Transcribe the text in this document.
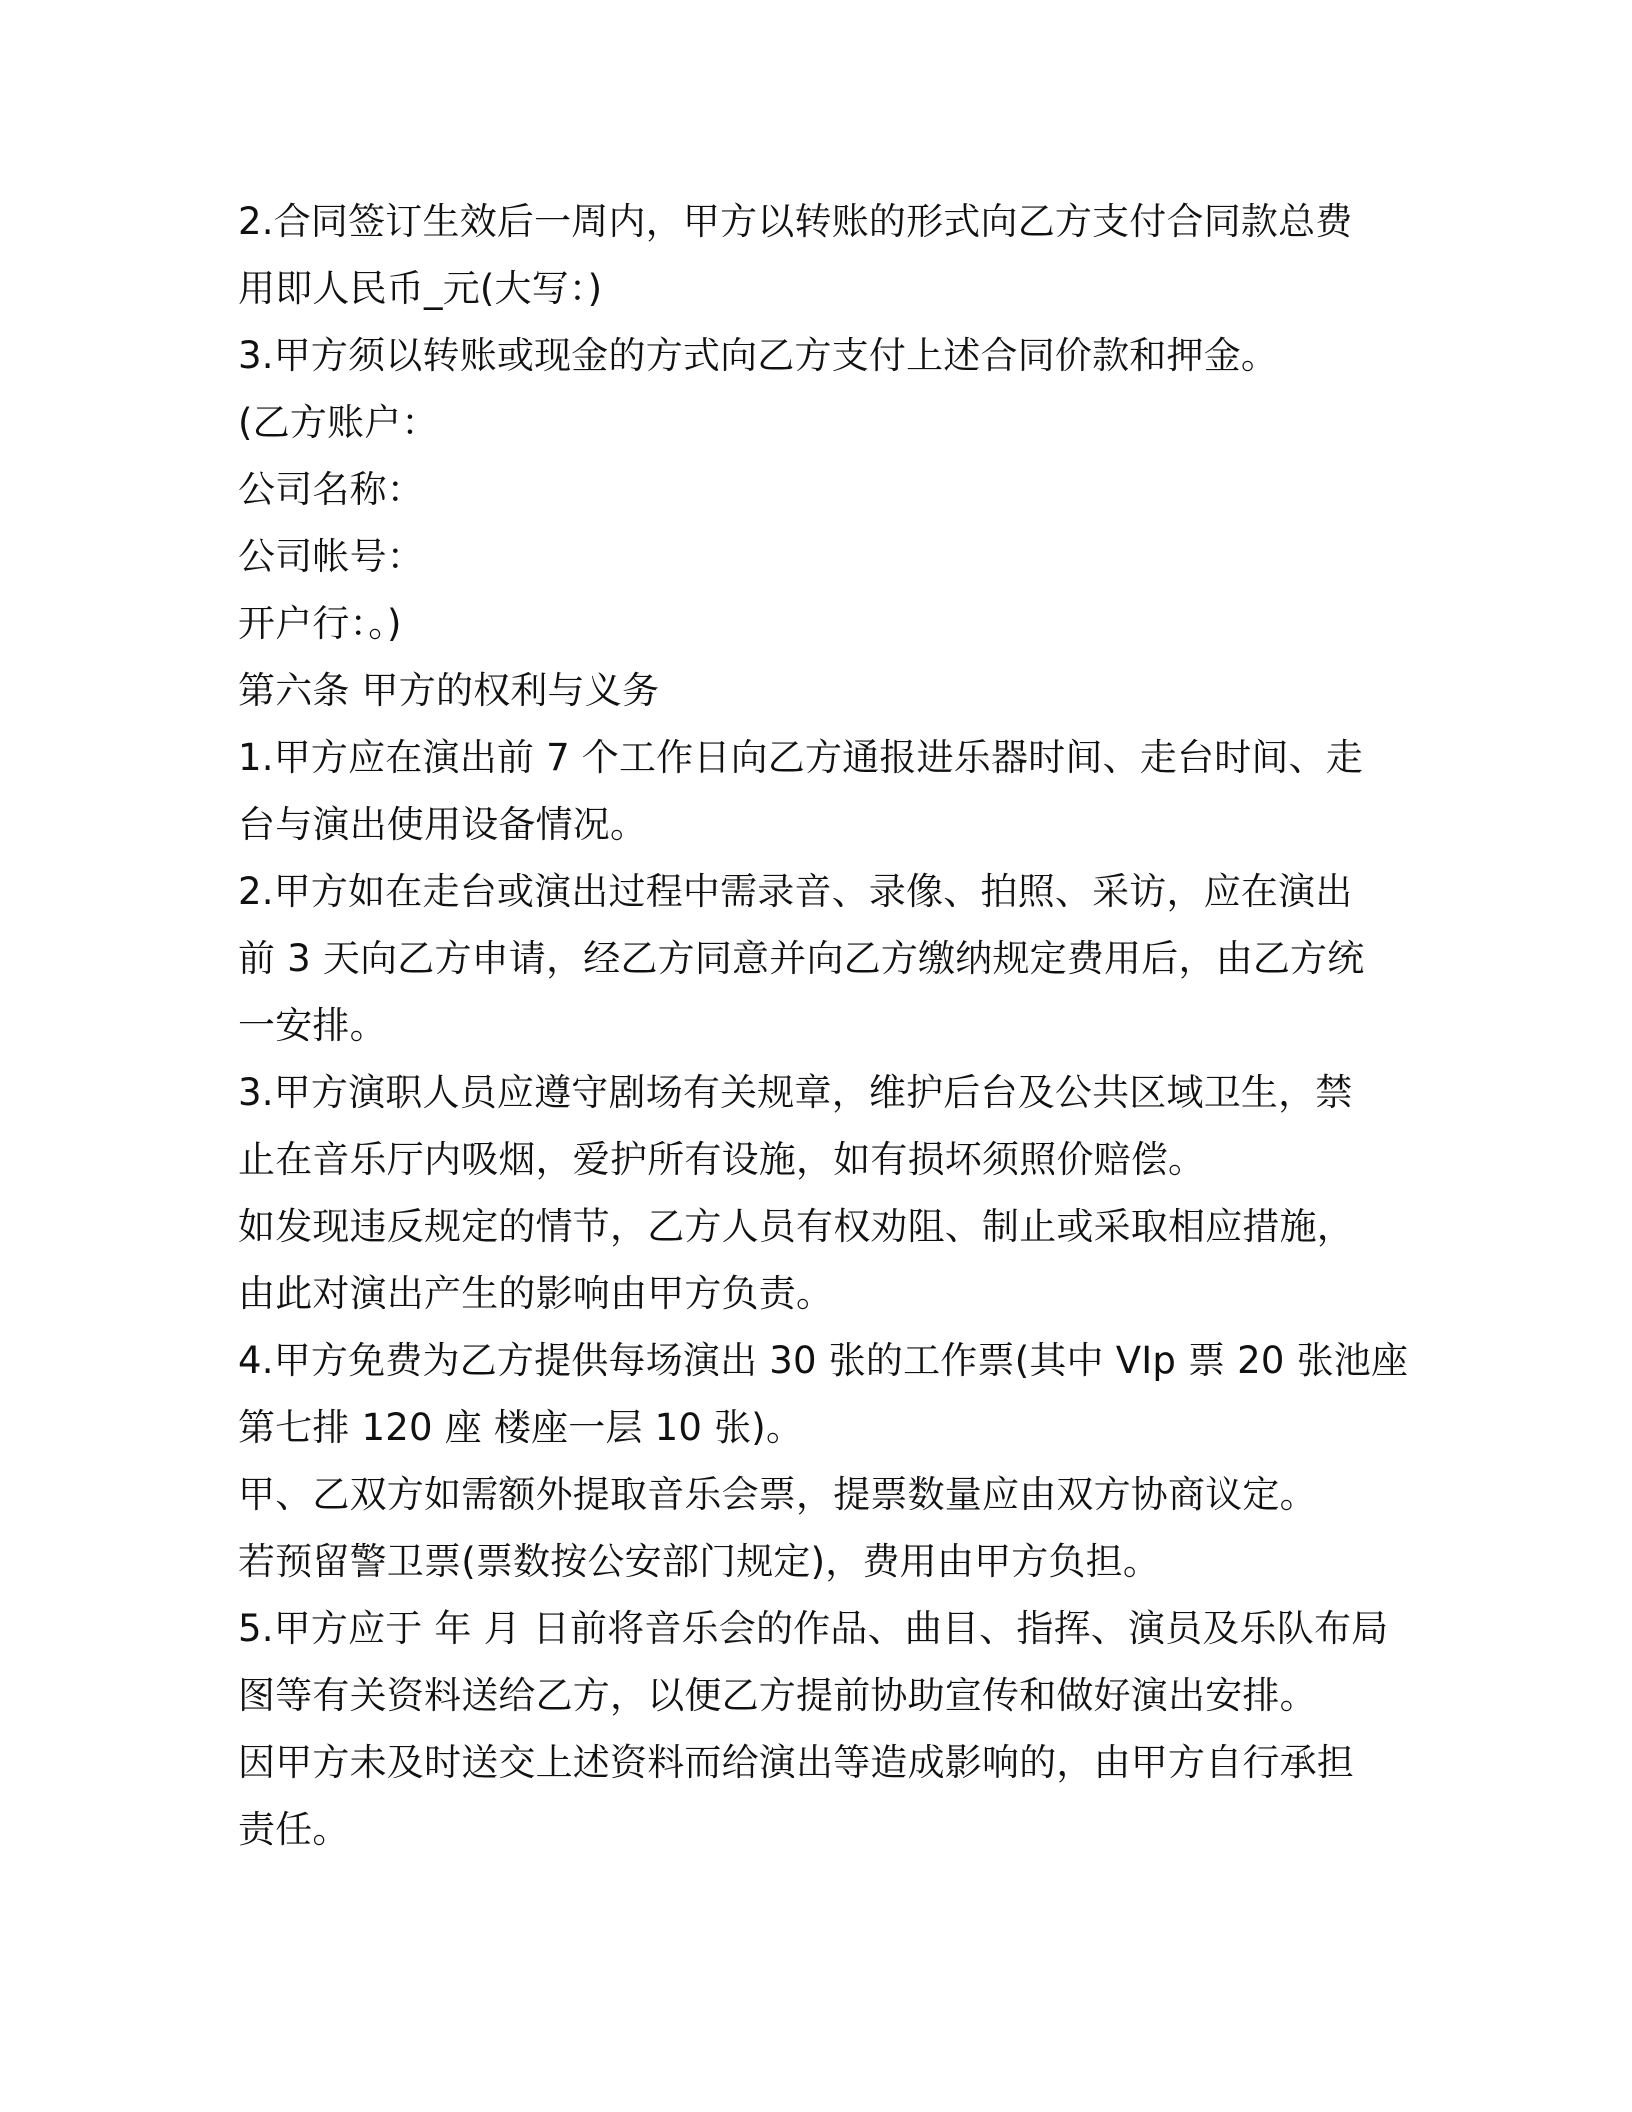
2.合同签订生效后一周内，甲方以转账的形式向乙方支付合同款总费
用即人民币_元(大写：)
3.甲方须以转账或现金的方式向乙方支付上述合同价款和押金。
(乙方账户：
公司名称：
公司帐号：
开户行：。)
第六条 甲方的权利与义务
1.甲方应在演出前 7 个工作日向乙方通报进乐器时间、走台时间、走
台与演出使用设备情况。
2.甲方如在走台或演出过程中需录音、录像、拍照、采访，应在演出
前 3 天向乙方申请，经乙方同意并向乙方缴纳规定费用后，由乙方统
一安排。
3.甲方演职人员应遵守剧场有关规章，维护后台及公共区域卫生，禁
止在音乐厅内吸烟，爱护所有设施，如有损坏须照价赔偿。
如发现违反规定的情节，乙方人员有权劝阻、制止或采取相应措施，
由此对演出产生的影响由甲方负责。
4.甲方免费为乙方提供每场演出 30 张的工作票(其中 VIp 票 20 张池座
第七排 120 座 楼座一层 10 张)。
甲、乙双方如需额外提取音乐会票，提票数量应由双方协商议定。
若预留警卫票(票数按公安部门规定)，费用由甲方负担。
5.甲方应于 年 月 日前将音乐会的作品、曲目、指挥、演员及乐队布局
图等有关资料送给乙方，以便乙方提前协助宣传和做好演出安排。
因甲方未及时送交上述资料而给演出等造成影响的，由甲方自行承担
责任。
